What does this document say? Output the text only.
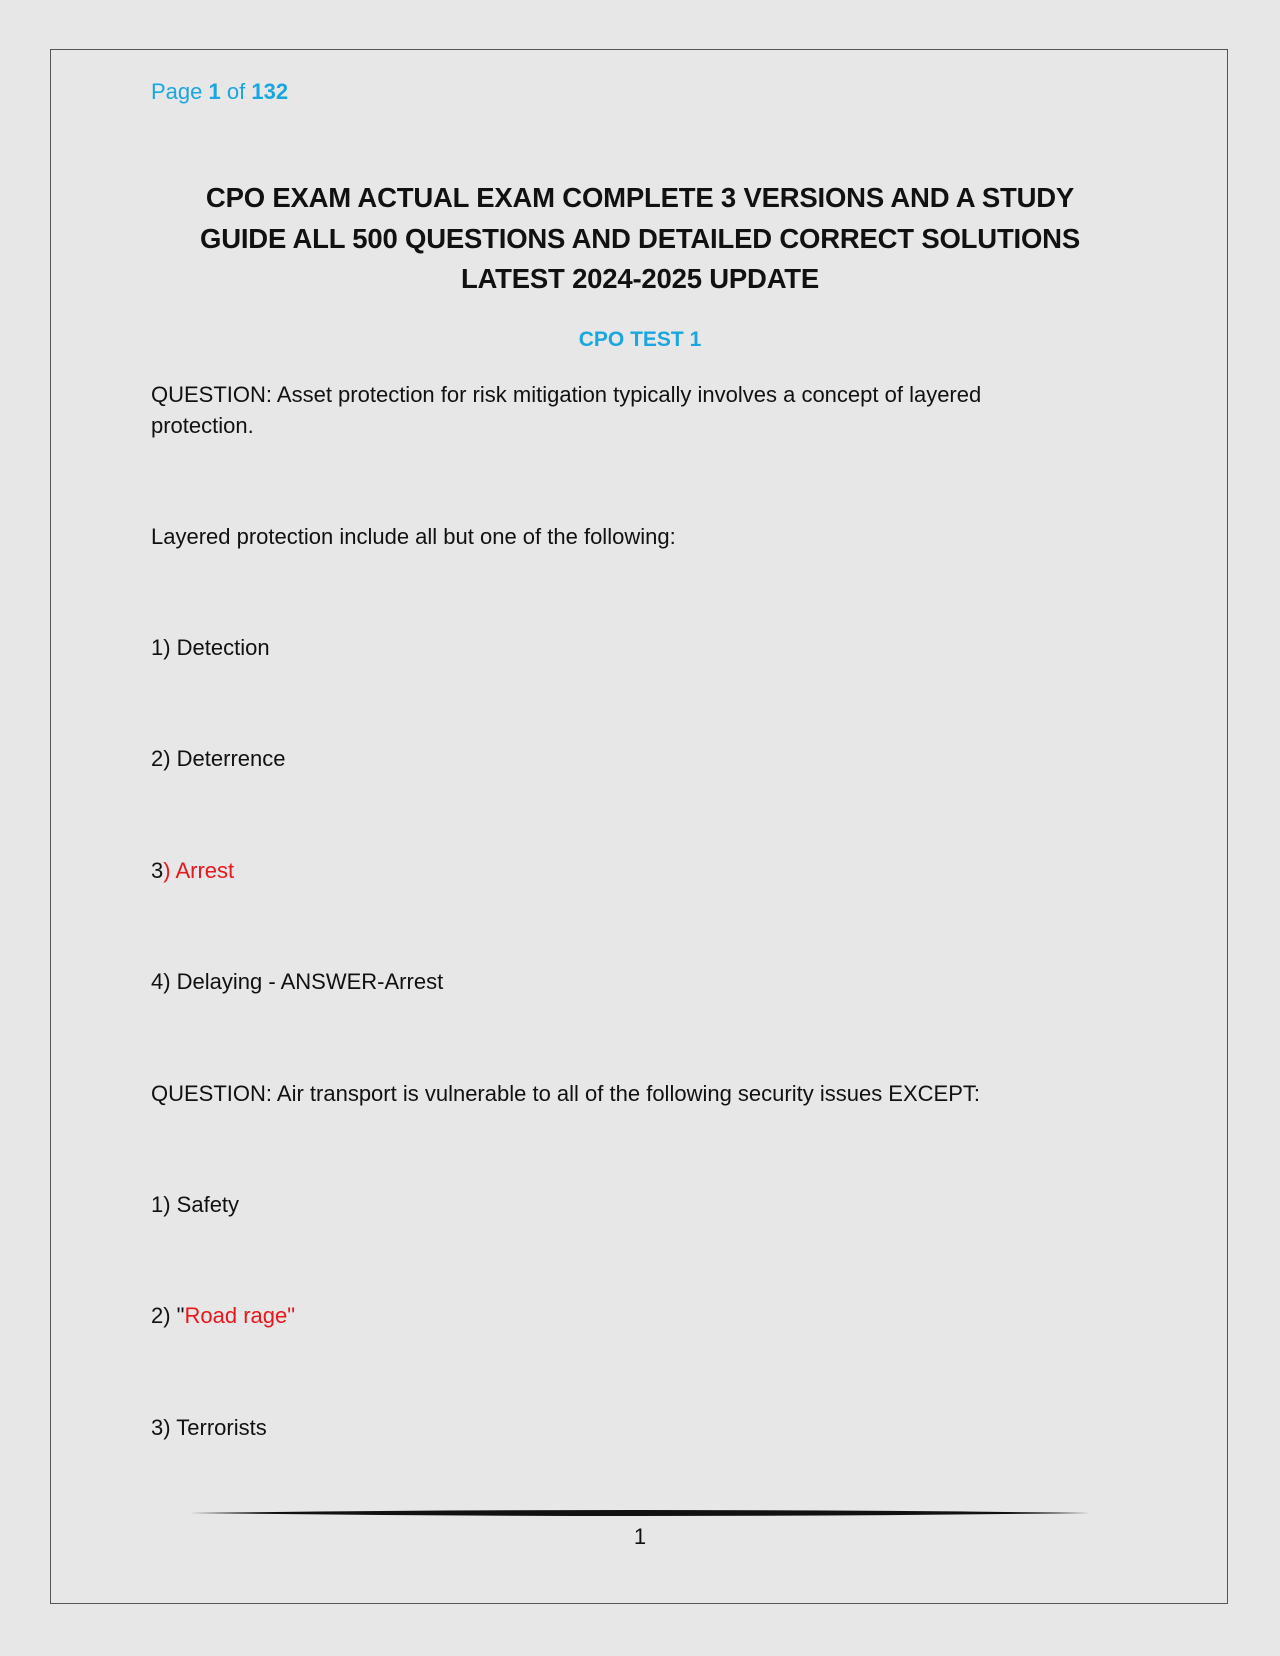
Page 1 of 132
CPO EXAM ACTUAL EXAM COMPLETE 3 VERSIONS AND A STUDY
GUIDE ALL 500 QUESTIONS AND DETAILED CORRECT SOLUTIONS
LATEST 2024-2025 UPDATE
CPO TEST 1
QUESTION: Asset protection for risk mitigation typically involves a concept of layered
protection.
Layered protection include all but one of the following:
1) Detection
2) Deterrence
3) Arrest
4) Delaying - ANSWER-Arrest
QUESTION: Air transport is vulnerable to all of the following security issues EXCEPT:
1) Safety
2) "Road rage"
3) Terrorists
1
